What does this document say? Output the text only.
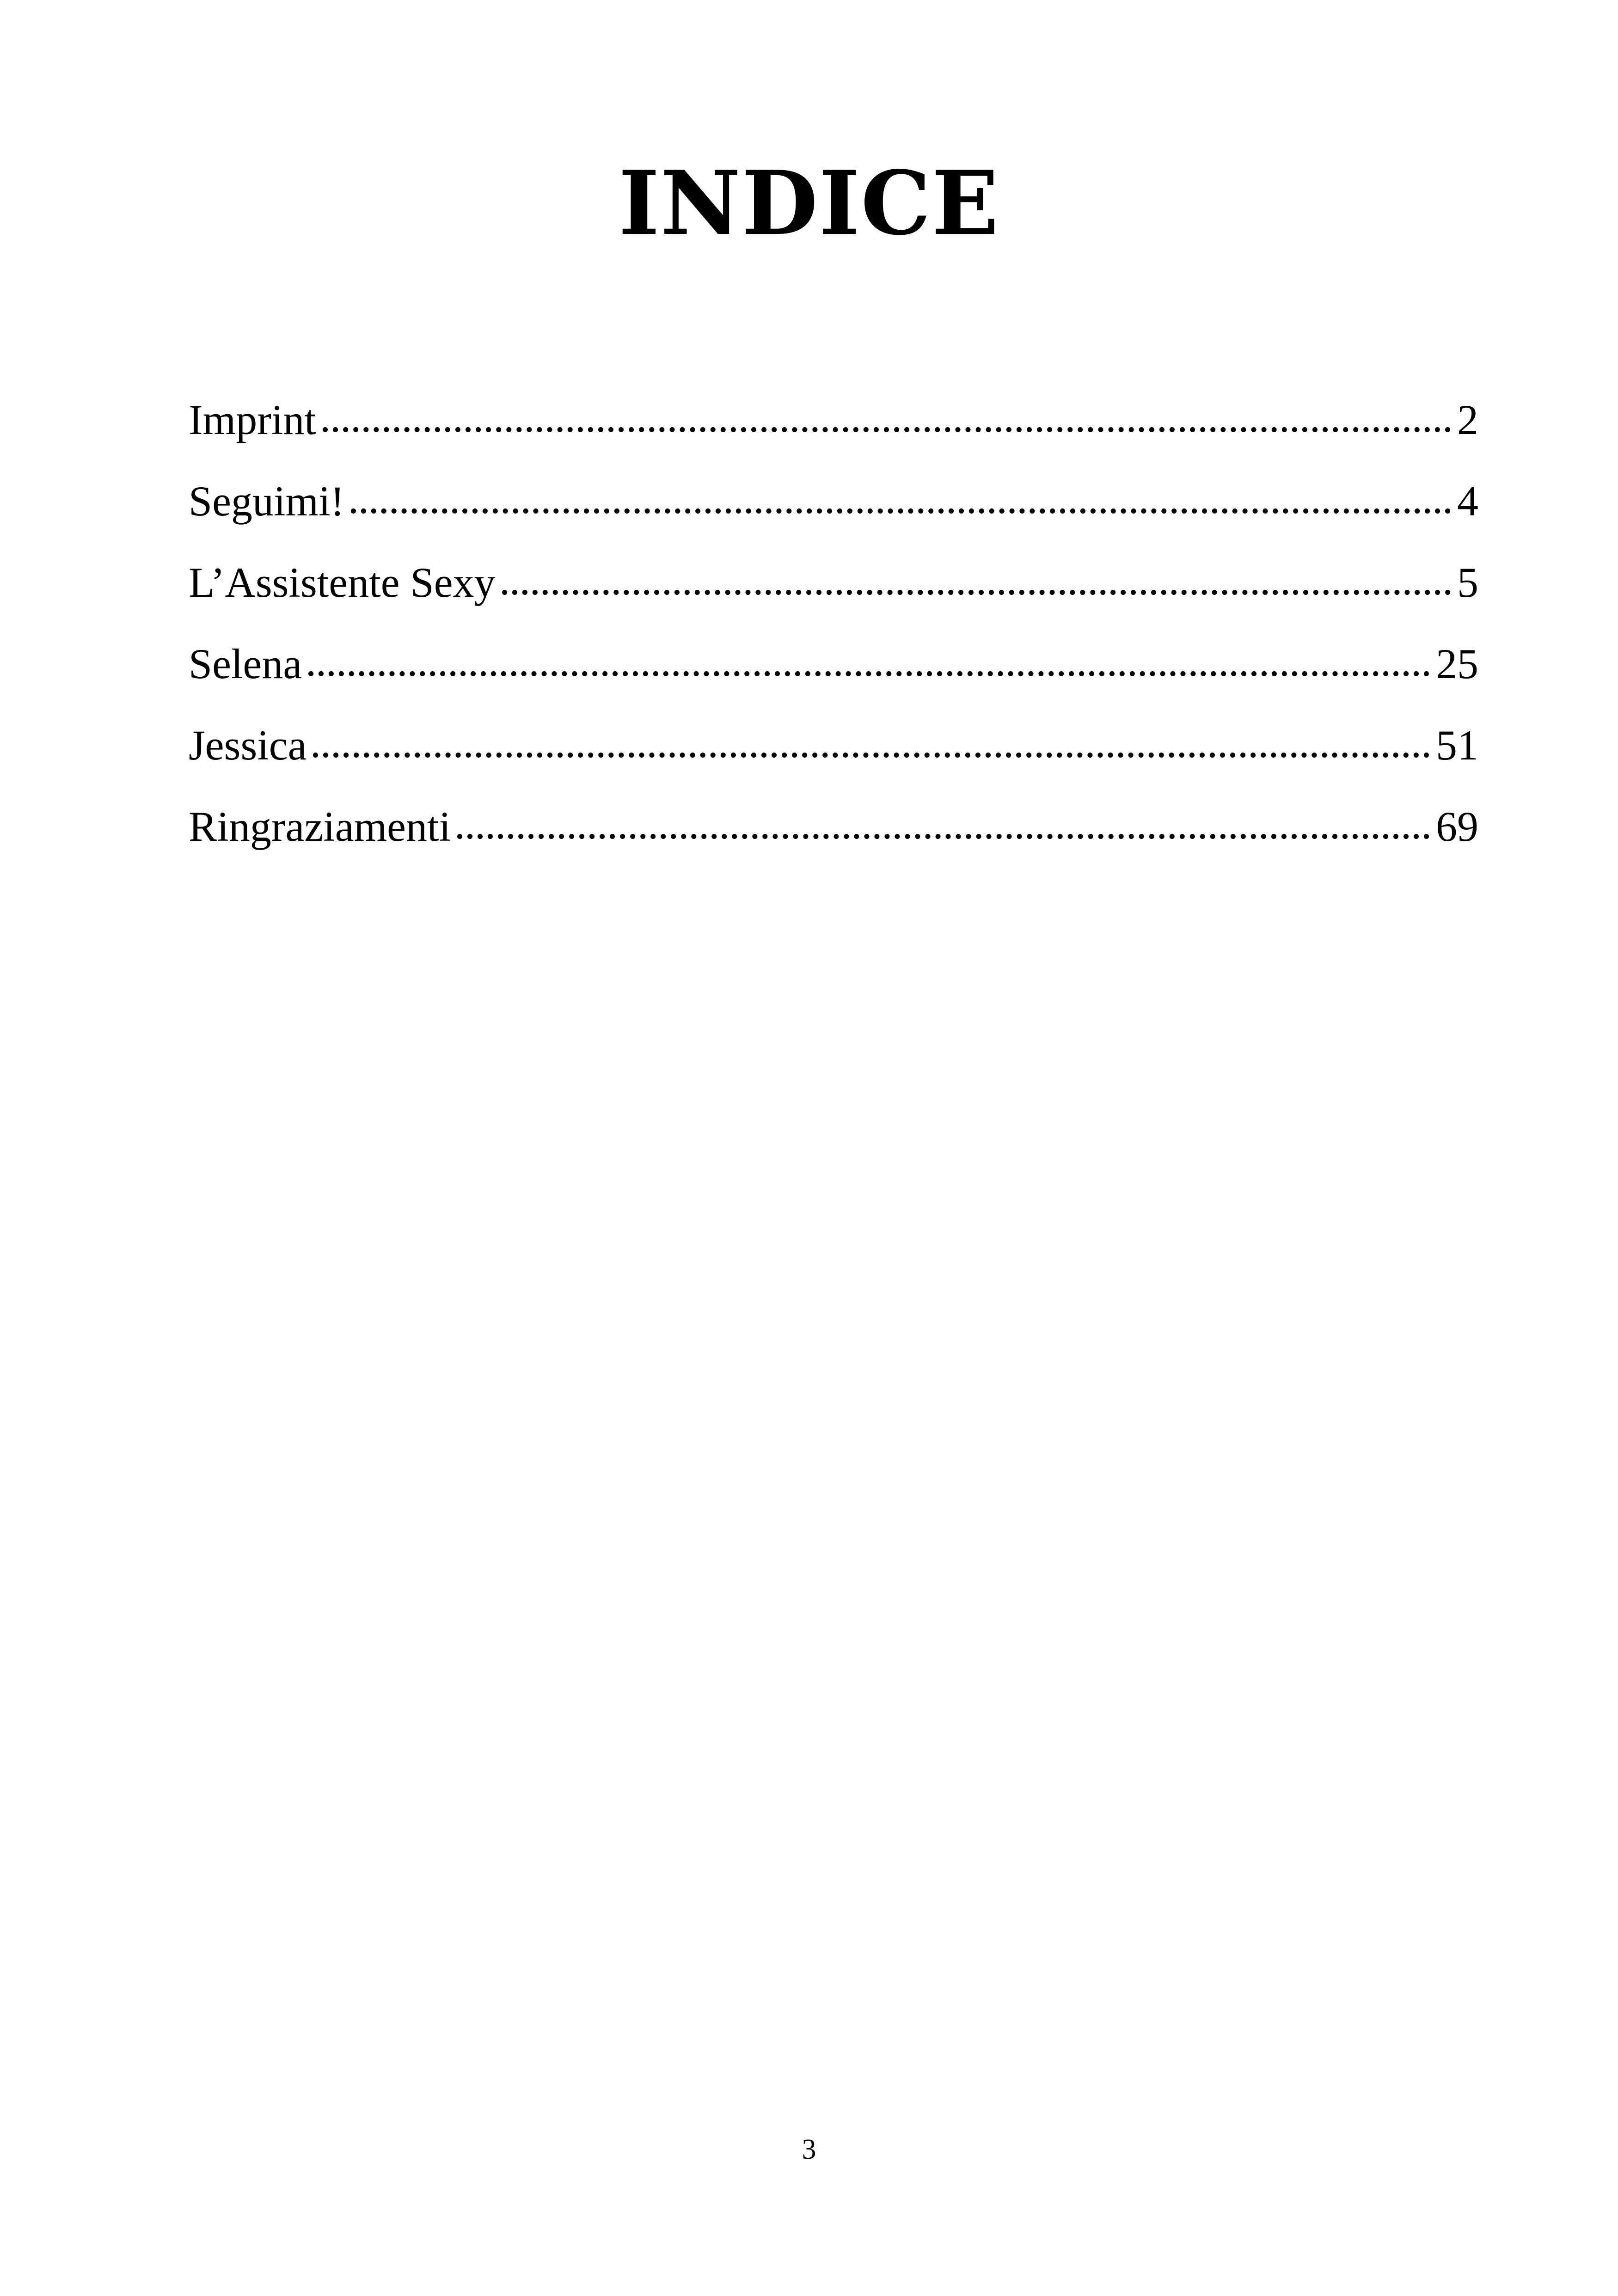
INDICE
Imprint	2
Seguimi!	4
L’Assistente Sexy	5
Selena	25
Jessica	51
Ringraziamenti	69
3
